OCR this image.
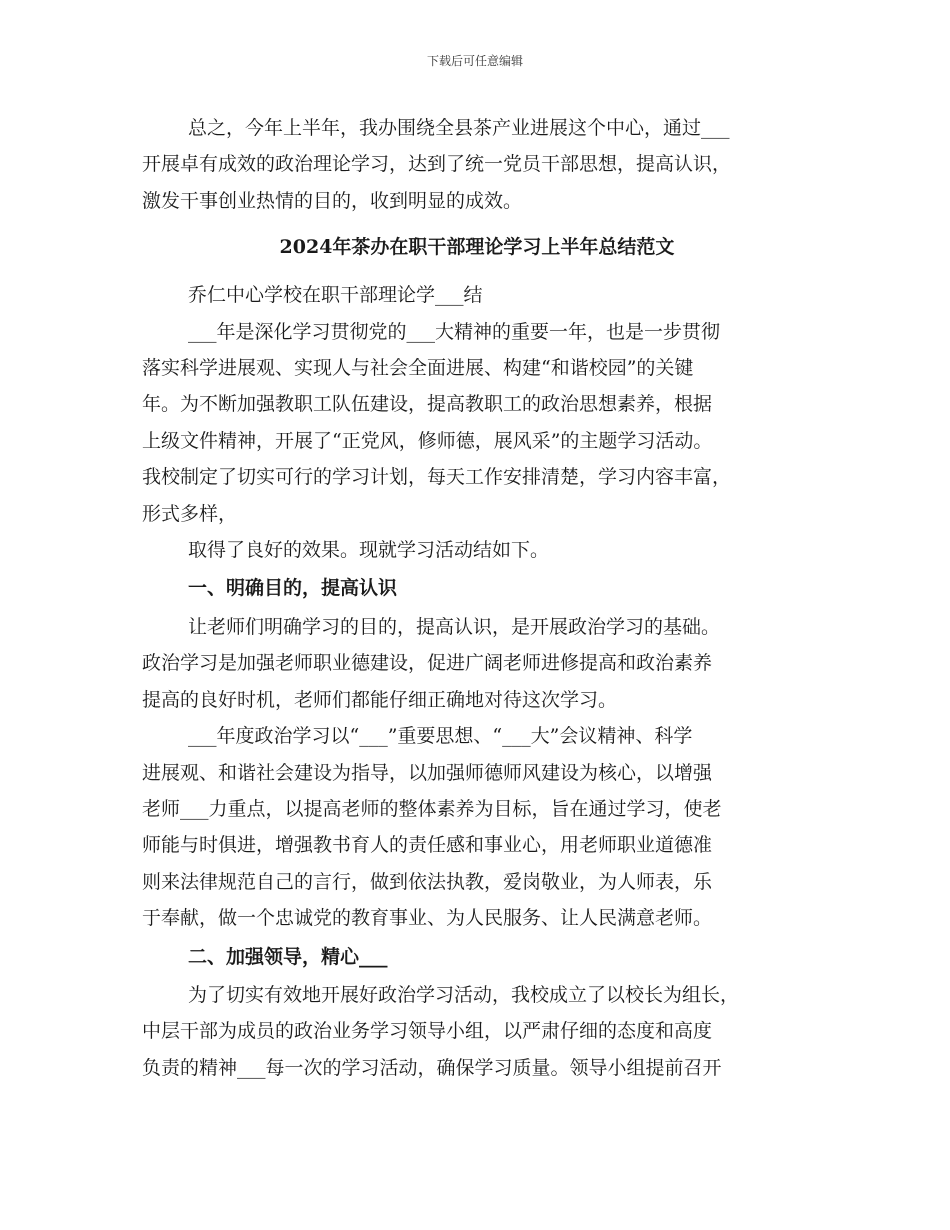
下载后可任意编辑

总之，今年上半年，我办围绕全县茶产业进展这个中心，通过___

开展卓有成效的政治理论学习，达到了统一党员干部思想，提高认识，

激发干事创业热情的目的，收到明显的成效。

2024年茶办在职干部理论学习上半年总结范文

乔仁中心学校在职干部理论学___结

___年是深化学习贯彻党的___大精神的重要一年，也是一步贯彻

落实科学进展观、实现人与社会全面进展、构建“和谐校园”的关键

年。为不断加强教职工队伍建设，提高教职工的政治思想素养，根据

上级文件精神，开展了“正党风，修师德，展风采”的主题学习活动。

我校制定了切实可行的学习计划，每天工作安排清楚，学习内容丰富，

形式多样，

取得了良好的效果。现就学习活动结如下。

一、明确目的，提高认识

让老师们明确学习的目的，提高认识，是开展政治学习的基础。

政治学习是加强老师职业德建设，促进广阔老师进修提高和政治素养

提高的良好时机，老师们都能仔细正确地对待这次学习。

___年度政治学习以“___”重要思想、“___大”会议精神、科学

进展观、和谐社会建设为指导，以加强师德师风建设为核心，以增强

老师___力重点，以提高老师的整体素养为目标，旨在通过学习，使老

师能与时俱进，增强教书育人的责任感和事业心，用老师职业道德准

则来法律规范自己的言行，做到依法执教，爱岗敬业，为人师表，乐

于奉献，做一个忠诚党的教育事业、为人民服务、让人民满意老师。

二、加强领导，精心___

为了切实有效地开展好政治学习活动，我校成立了以校长为组长，

中层干部为成员的政治业务学习领导小组，以严肃仔细的态度和高度

负责的精神___每一次的学习活动，确保学习质量。领导小组提前召开
